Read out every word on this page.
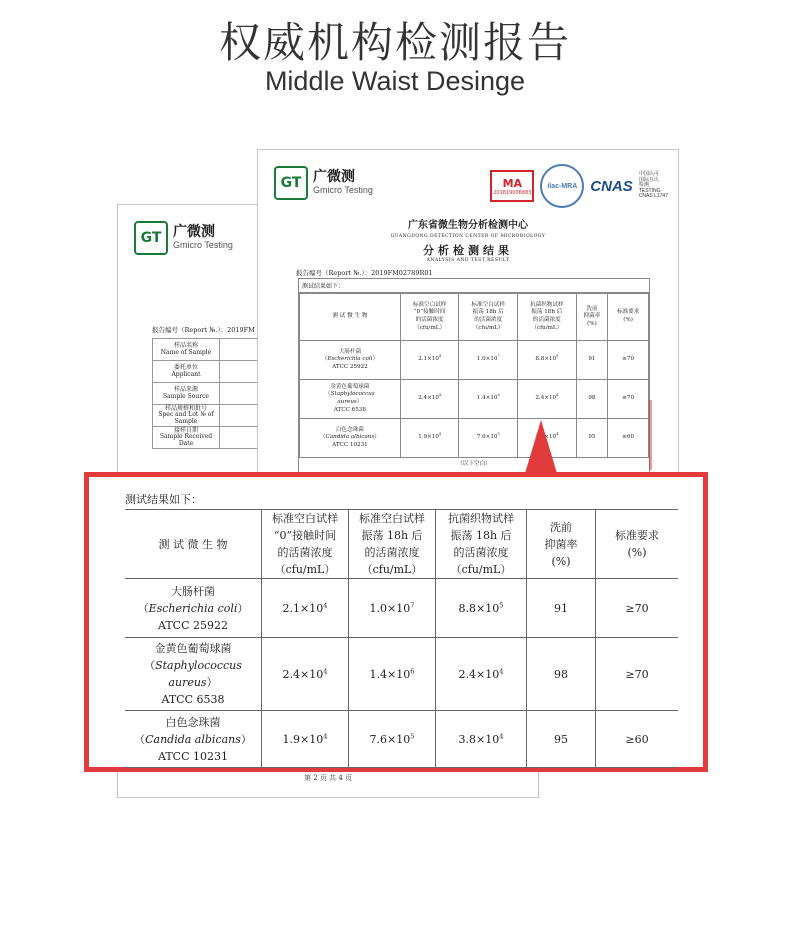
权威机构检测报告
Middle Waist Desinge
GT 广微测
Gmicro Testing
报告编号（Report №.）：2019FM
样品名称
Name of Sample	
委托单位
Applicant	
样品来源
Sample Source	
样品规格和批号
Spec and Lot № of Sample	
接样日期
Sample Received Date	
第 2 页 共 4 页
GT 广微测
Gmicro Testing
MA
201819006883
ilac-MRA CNAS
中国认可
国际互认
检测
TESTING
CNAS L1747
广东省微生物分析检测中心
GUANGDONG DETECTION CENTER OF MICROBIOLOGY
分析检测结果
ANALYSIS AND TEST RESULT
报告编号（Report №.）：2019FM02789R01
测试结果如下：
测 试 微 生 物	标准空白试样
“0”接触时间
的活菌浓度
（cfu/mL）	标准空白试样
振荡 18h 后
的活菌浓度
（cfu/mL）	抗菌织物试样
振荡 18h 后
的活菌浓度
（cfu/mL）	洗前
抑菌率
(%)	标准要求
(%)
大肠杆菌
（Escherichia coli）
ATCC 25922	$2.1\times 10^4$	$1.0\times 10^7$	$8.8\times 10^5$	91	≥70
金黄色葡萄球菌
（Staphylococcus
aureus）
ATCC 6538	$2.4\times 10^4$	$1.4\times 10^6$	$2.4\times 10^4$	98	≥70
白色念珠菌
（Candida albicans）
ATCC 10231	$1.9\times 10^4$	$7.6\times 10^5$	$3.8\times 10^4$	95	≥60
（以下空白）					
测试结果如下：
测 试 微 生 物	标准空白试样
“0”接触时间
的活菌浓度
（cfu/mL）	标准空白试样
振荡 18h 后
的活菌浓度
（cfu/mL）	抗菌织物试样
振荡 18h 后
的活菌浓度
（cfu/mL）	洗前
抑菌率
(%)	标准要求
(%)
大肠杆菌
（Escherichia coli）
ATCC 25922	$2.1\times 10^4$	$1.0\times 10^7$	$8.8\times 10^5$	91	≥70
金黄色葡萄球菌
（Staphylococcus
aureus）
ATCC 6538	$2.4\times 10^4$	$1.4\times 10^6$	$2.4\times 10^4$	98	≥70
白色念珠菌
（Candida albicans）
ATCC 10231	$1.9\times 10^4$	$7.6\times 10^5$	$3.8\times 10^4$	95	≥60
